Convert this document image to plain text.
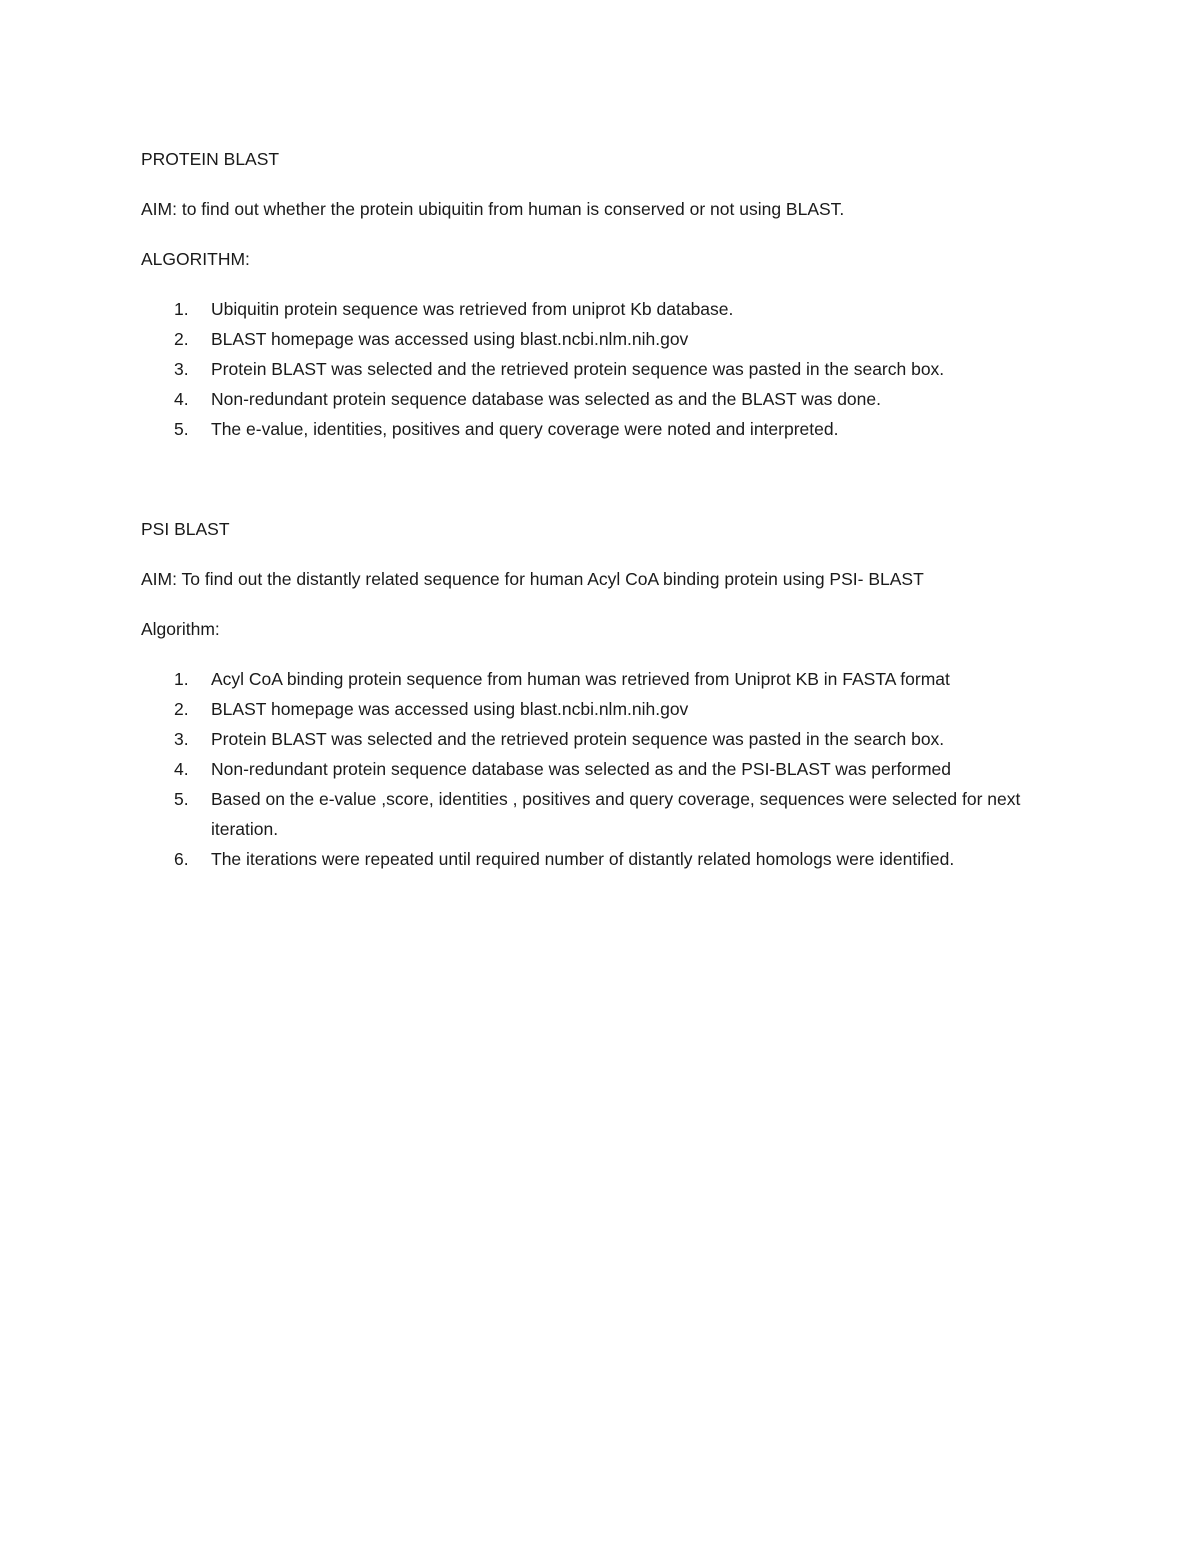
PROTEIN BLAST

AIM: to find out whether the protein ubiquitin from human is conserved or not using BLAST.

ALGORITHM:

1.	Ubiquitin protein sequence was retrieved from uniprot Kb database.
2.	BLAST homepage was accessed using blast.ncbi.nlm.nih.gov
3.	Protein BLAST was selected and the retrieved protein sequence was pasted in the search box.
4.	Non-redundant protein sequence database was selected as and the BLAST was done.
5.	The e-value, identities, positives and query coverage were noted and interpreted.

PSI BLAST

AIM: To find out the distantly related sequence for human Acyl CoA binding protein using PSI- BLAST

Algorithm:

1.	Acyl CoA binding protein sequence from human was retrieved from Uniprot KB in FASTA format
2.	BLAST homepage was accessed using blast.ncbi.nlm.nih.gov
3.	Protein BLAST was selected and the retrieved protein sequence was pasted in the search box.
4.	Non-redundant protein sequence database was selected as and the PSI-BLAST was performed
5.	Based on the e-value ,score, identities , positives and query coverage, sequences were selected for next iteration.
6.	The iterations were repeated until required number of distantly related homologs were identified.
